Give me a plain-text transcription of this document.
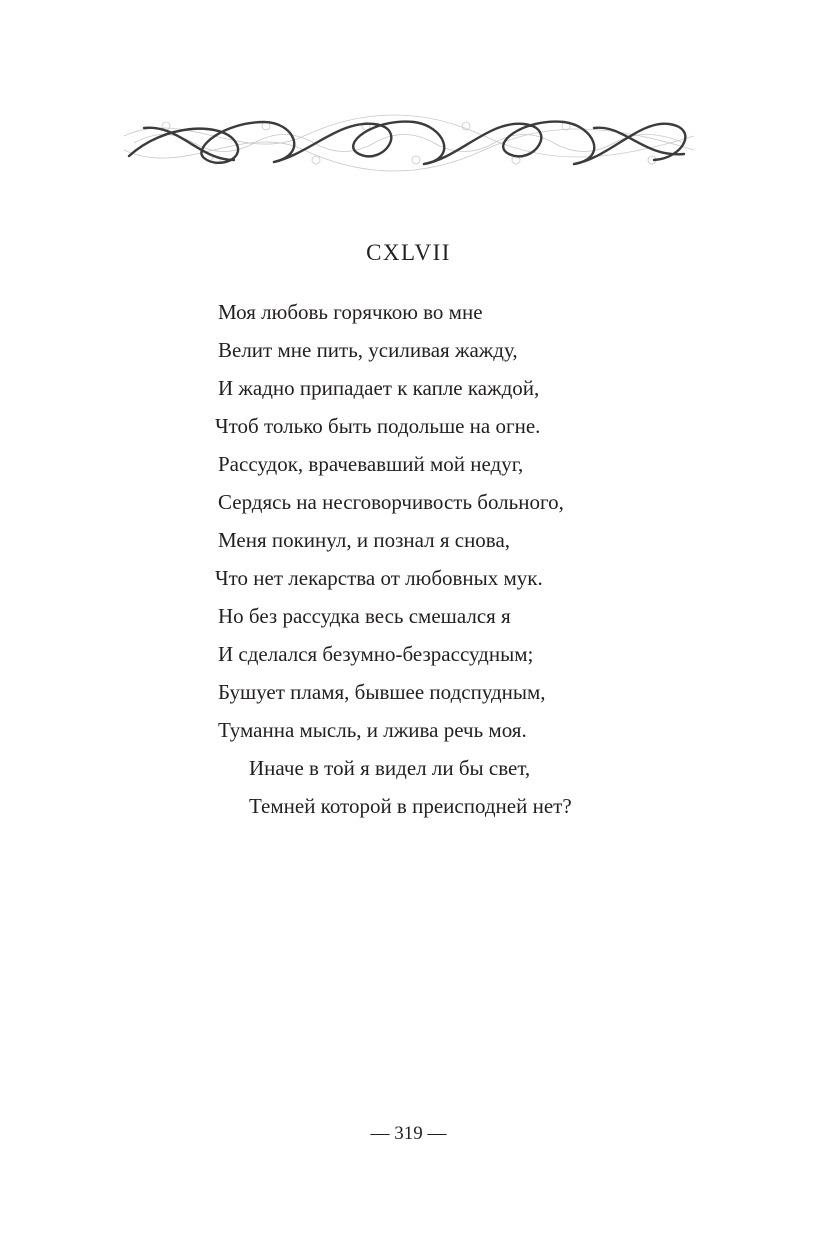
CXLVII
Моя любовь горячкою во мне
Велит мне пить, усиливая жажду,
И жадно припадает к капле каждой,
Чтоб только быть подольше на огне.
Рассудок, врачевавший мой недуг,
Сердясь на несговорчивость больного,
Меня покинул, и познал я снова,
Что нет лекарства от любовных мук.
Но без рассудка весь смешался я
И сделался безумно-безрассудным;
Бушует пламя, бывшее подспудным,
Туманна мысль, и лжива речь моя.
Иначе в той я видел ли бы свет,
Темней которой в преисподней нет?
— 319 —
